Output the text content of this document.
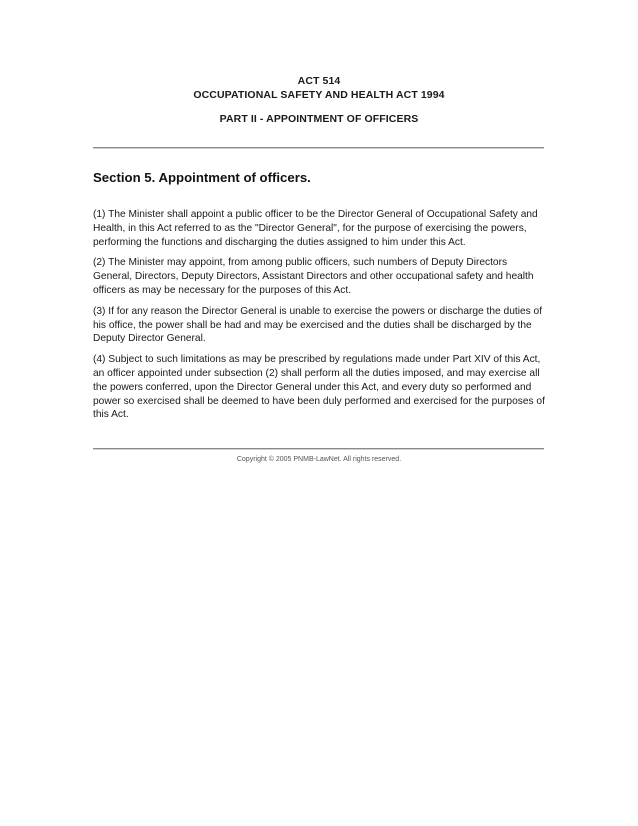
ACT 514
OCCUPATIONAL SAFETY AND HEALTH ACT 1994
PART II - APPOINTMENT OF OFFICERS
Section 5. Appointment of officers.

(1) The Minister shall appoint a public officer to be the Director General of Occupational Safety and Health, in this Act referred to as the "Director General", for the purpose of exercising the powers, performing the functions and discharging the duties assigned to him under this Act.

(2) The Minister may appoint, from among public officers, such numbers of Deputy Directors General, Directors, Deputy Directors, Assistant Directors and other occupational safety and health officers as may be necessary for the purposes of this Act.

(3) If for any reason the Director General is unable to exercise the powers or discharge the duties of his office, the power shall be had and may be exercised and the duties shall be discharged by the Deputy Director General.

(4) Subject to such limitations as may be prescribed by regulations made under Part XIV of this Act, an officer appointed under subsection (2) shall perform all the duties imposed, and may exercise all the powers conferred, upon the Director General under this Act, and every duty so performed and power so exercised shall be deemed to have been duly performed and exercised for the purposes of this Act.

Copyright © 2005 PNMB-LawNet. All rights reserved.
